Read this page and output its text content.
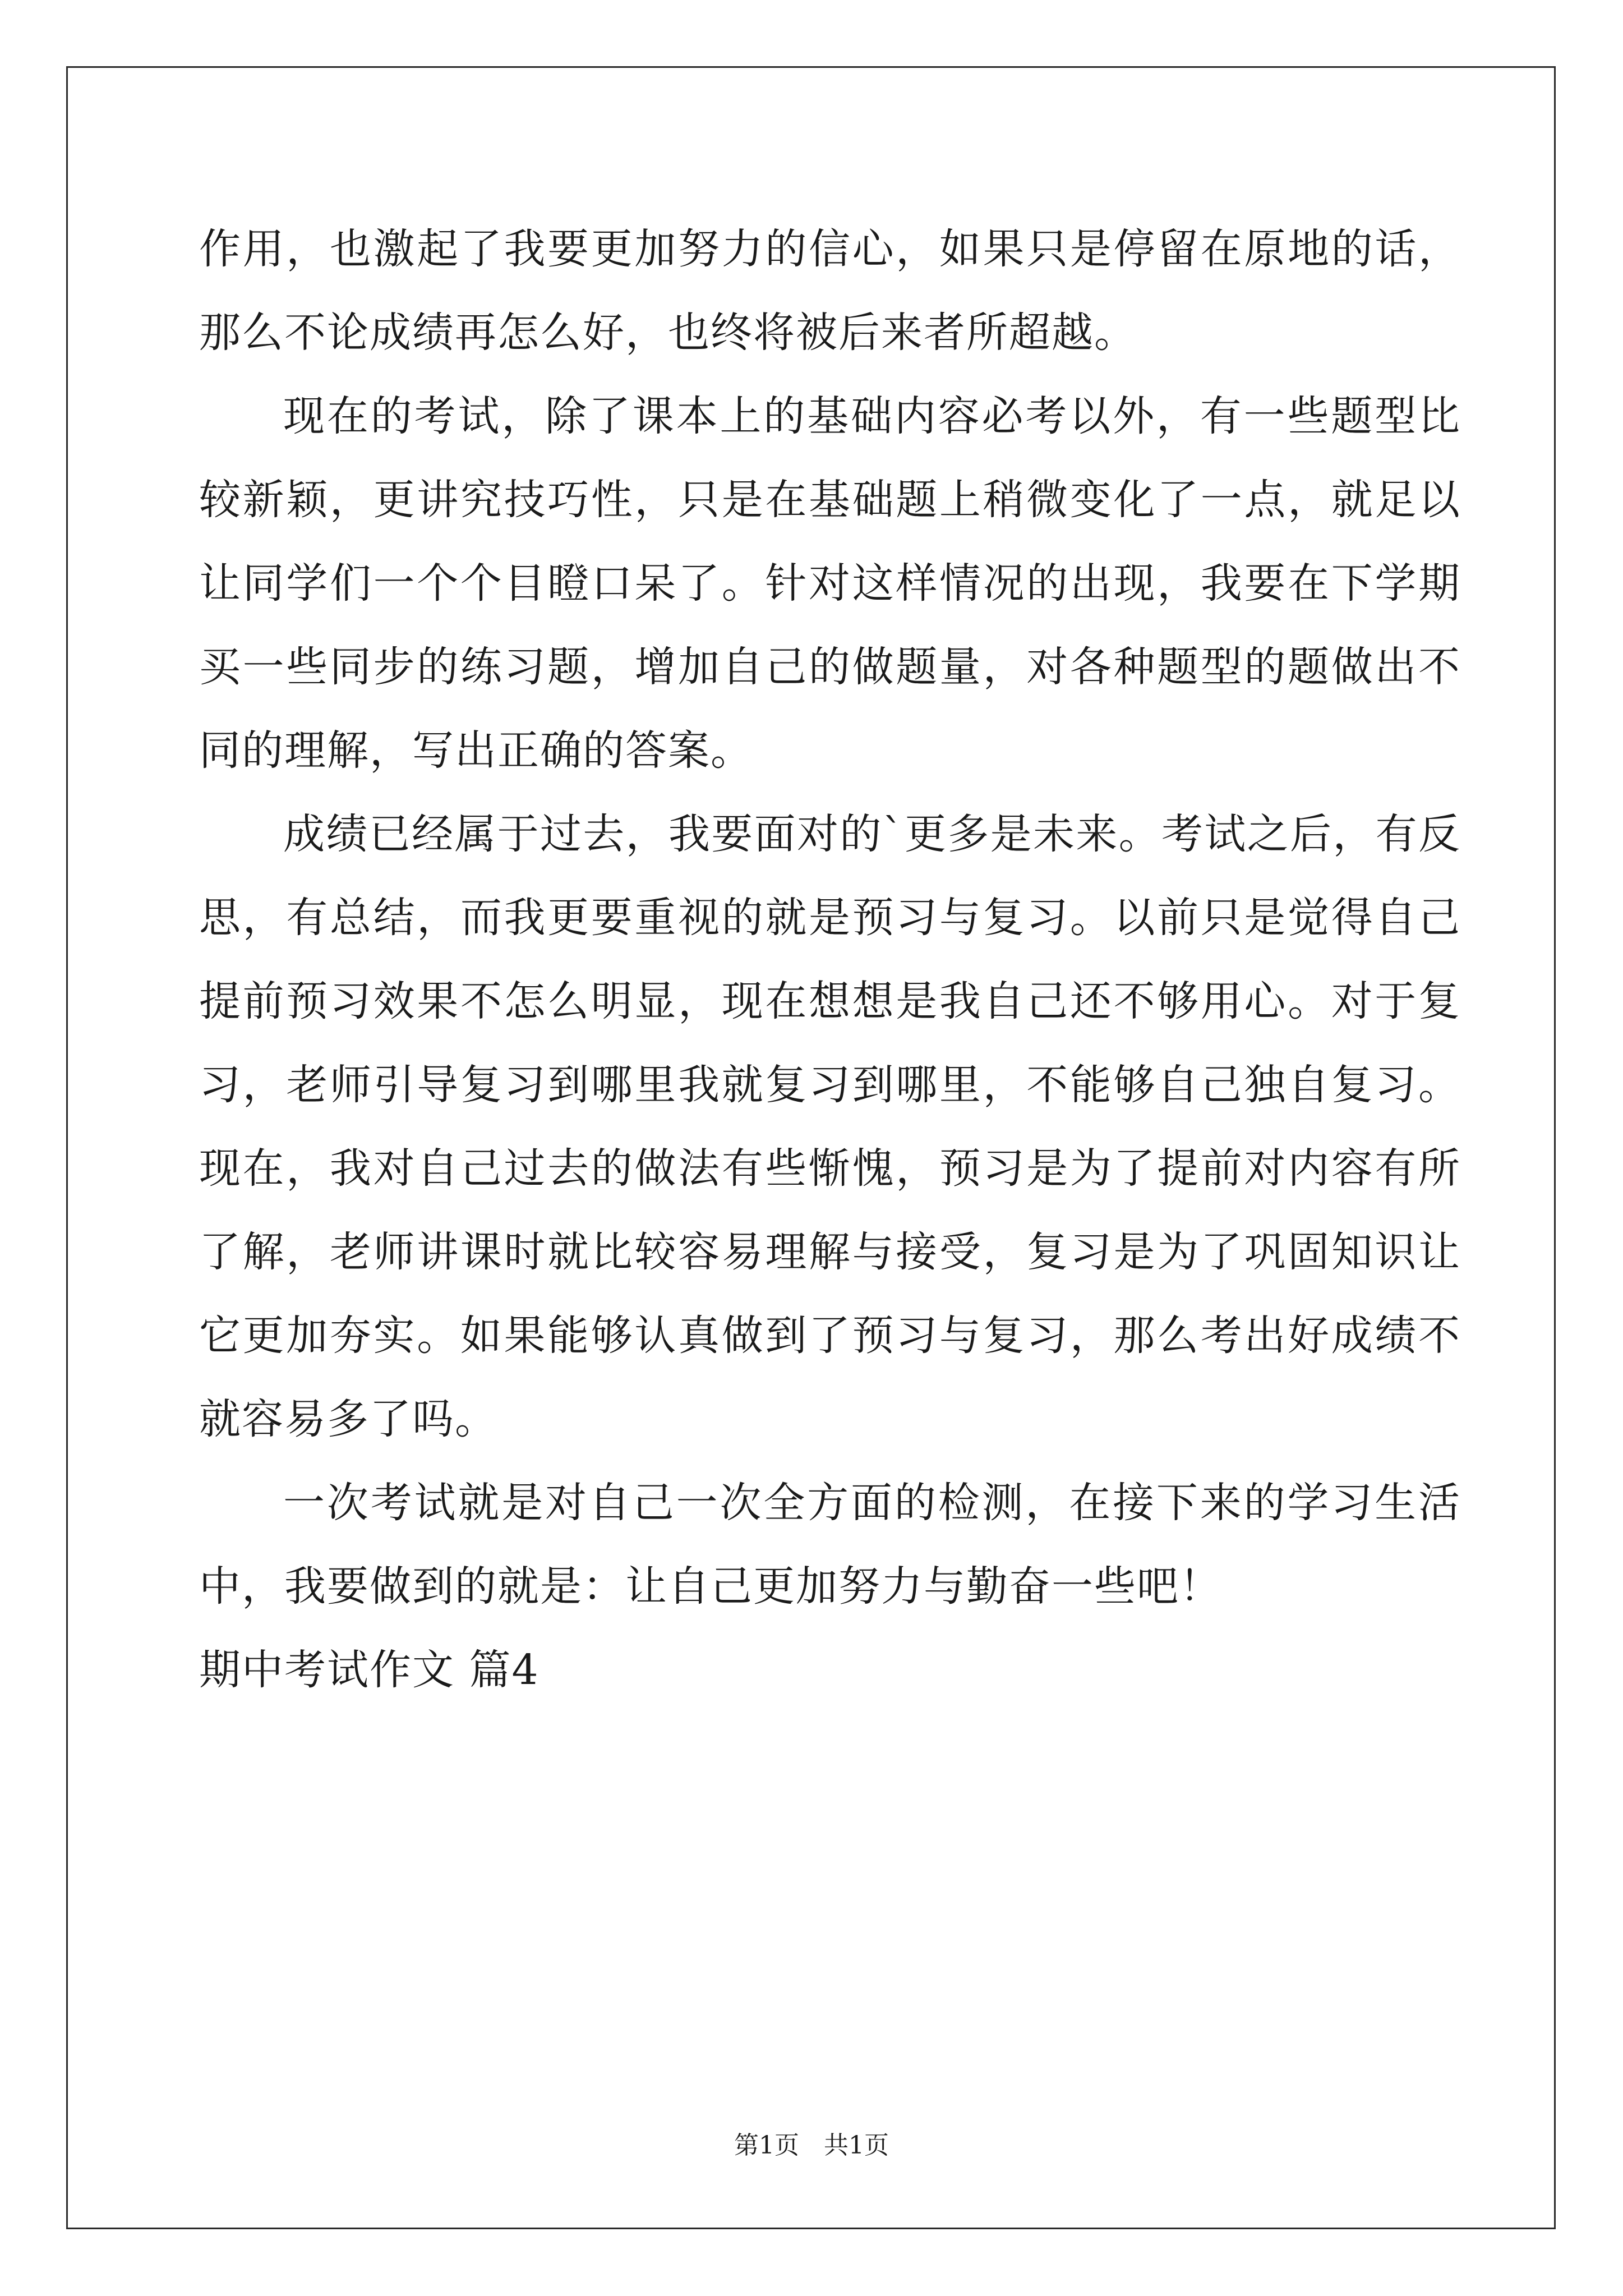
作用，也激起了我要更加努力的信心，如果只是停留在原地的话，那么不论成绩再怎么好，也终将被后来者所超越。

现在的考试，除了课本上的基础内容必考以外，有一些题型比较新颖，更讲究技巧性，只是在基础题上稍微变化了一点，就足以让同学们一个个目瞪口呆了。针对这样情况的出现，我要在下学期买一些同步的练习题，增加自己的做题量，对各种题型的题做出不同的理解，写出正确的答案。

成绩已经属于过去，我要面对的`更多是未来。考试之后，有反思，有总结，而我更要重视的就是预习与复习。以前只是觉得自己提前预习效果不怎么明显，现在想想是我自己还不够用心。对于复习，老师引导复习到哪里我就复习到哪里，不能够自己独自复习。现在，我对自己过去的做法有些惭愧，预习是为了提前对内容有所了解，老师讲课时就比较容易理解与接受，复习是为了巩固知识让它更加夯实。如果能够认真做到了预习与复习，那么考出好成绩不就容易多了吗。

一次考试就是对自己一次全方面的检测，在接下来的学习生活中，我要做到的就是：让自己更加努力与勤奋一些吧！

期中考试作文 篇4
第1页　共1页
